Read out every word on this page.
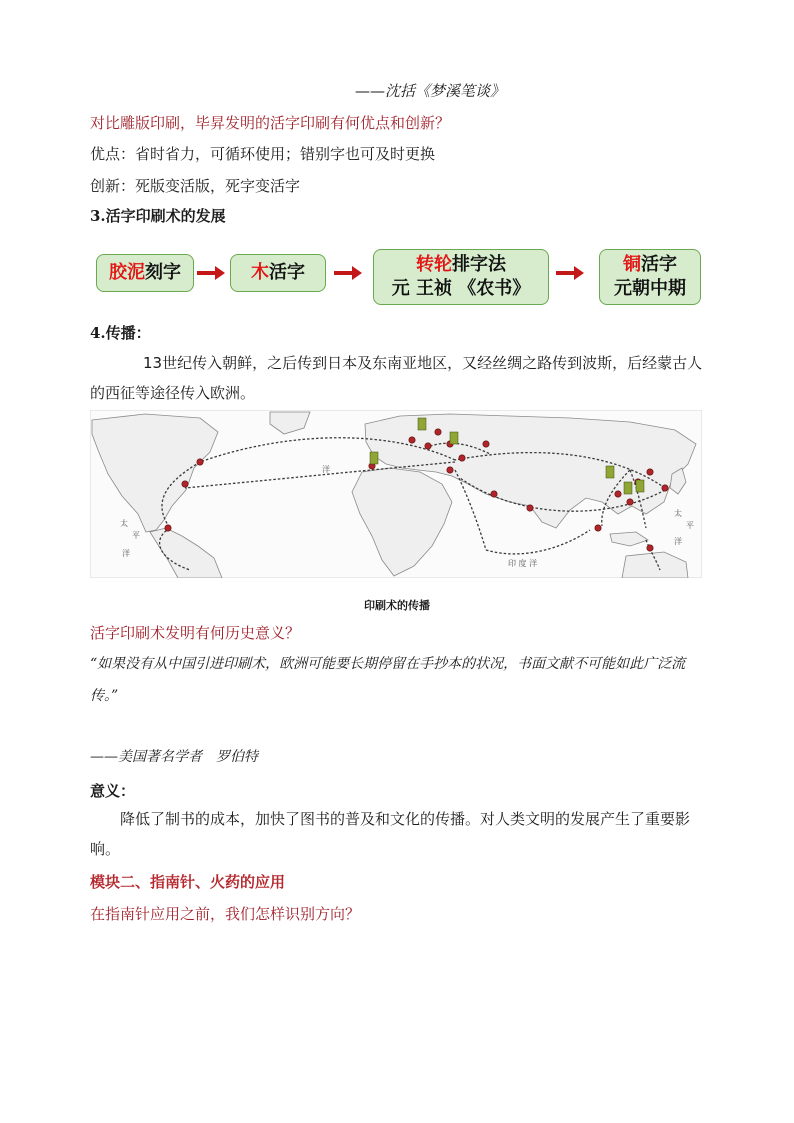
——沈括《梦溪笔谈》

对比雕版印刷，毕昇发明的活字印刷有何优点和创新？

优点：省时省力，可循环使用；错别字也可及时更换

创新：死版变活版，死字变活字

3.活字印刷术的发展

胶泥刻字	木活字	转轮排字法
元 王祯 《农书》
铜活字
元朝中期

4.传播：

13世纪传入朝鲜，之后传到日本及东南亚地区，又经丝绸之路传到波斯，后经蒙古人的西征等途径传入欧洲。
洋
太
平
洋
太
平
洋
印 度 洋

印刷术的传播

活字印刷术发明有何历史意义？

“如果没有从中国引进印刷术，欧洲可能要长期停留在手抄本的状况，书面文献不可能如此广泛流传。”

——美国著名学者　罗伯特

意义：

降低了制书的成本，加快了图书的普及和文化的传播。对人类文明的发展产生了重要影响。

模块二、指南针、火药的应用

在指南针应用之前，我们怎样识别方向？
